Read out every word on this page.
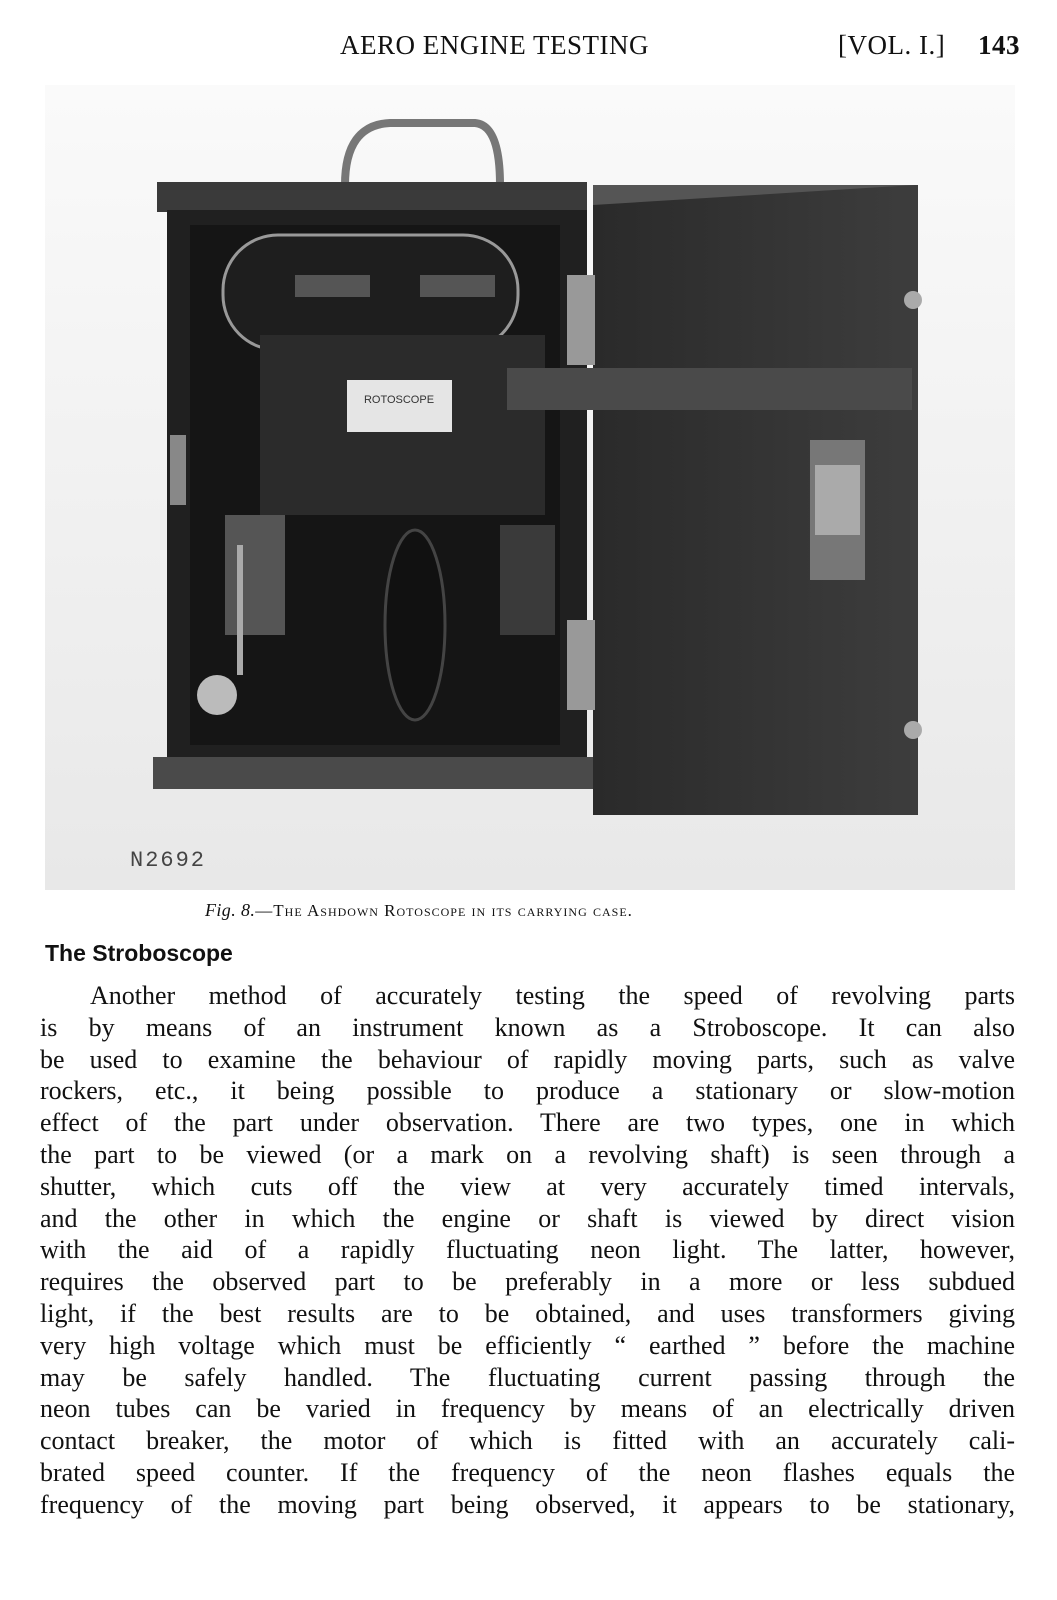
AERO ENGINE TESTING	[VOL. I.] 143
ROTOSCOPE
N2692
Fig. 8.—The Ashdown Rotoscope in its carrying case.
The Stroboscope
Another method of accurately testing the speed of revolving parts
is by means of an instrument known as a Stroboscope. It can also
be used to examine the behaviour of rapidly moving parts, such as valve
rockers, etc., it being possible to produce a stationary or slow-motion
effect of the part under observation. There are two types, one in which
the part to be viewed (or a mark on a revolving shaft) is seen through a
shutter, which cuts off the view at very accurately timed intervals,
and the other in which the engine or shaft is viewed by direct vision
with the aid of a rapidly fluctuating neon light. The latter, however,
requires the observed part to be preferably in a more or less subdued
light, if the best results are to be obtained, and uses transformers giving
very high voltage which must be efficiently “ earthed ” before the machine
may be safely handled. The fluctuating current passing through the
neon tubes can be varied in frequency by means of an electrically driven
contact breaker, the motor of which is fitted with an accurately cali-
brated speed counter. If the frequency of the neon flashes equals the
frequency of the moving part being observed, it appears to be stationary,
